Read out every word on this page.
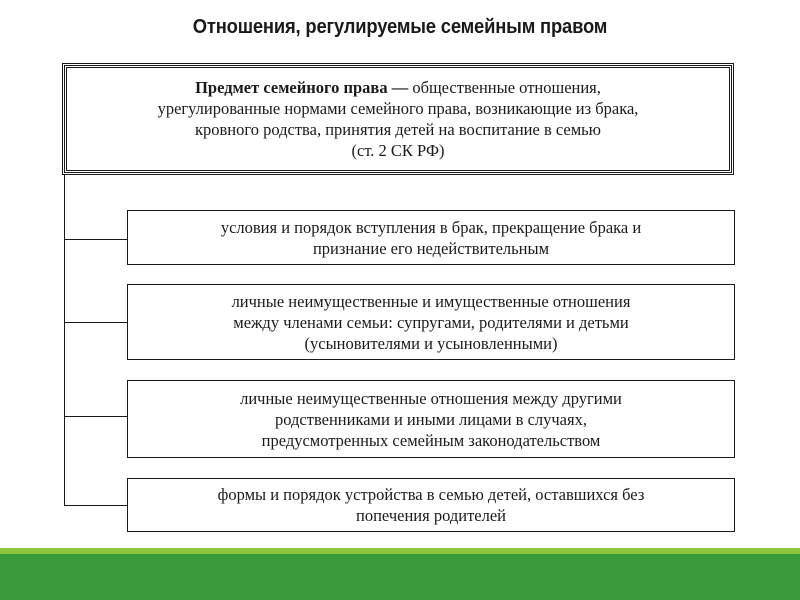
Отношения, регулируемые семейным правом
Предмет семейного права — общественные отношения,
урегулированные нормами семейного права, возникающие из брака,
кровного родства, принятия детей на воспитание в семью
(ст. 2 СК РФ)
условия и порядок вступления в брак, прекращение брака и
признание его недействительным
личные неимущественные и имущественные отношения
между членами семьи: супругами, родителями и детьми
(усыновителями и усыновленными)
личные неимущественные отношения между другими
родственниками и иными лицами в случаях,
предусмотренных семейным законодательством
формы и порядок устройства в семью детей, оставшихся без
попечения родителей
